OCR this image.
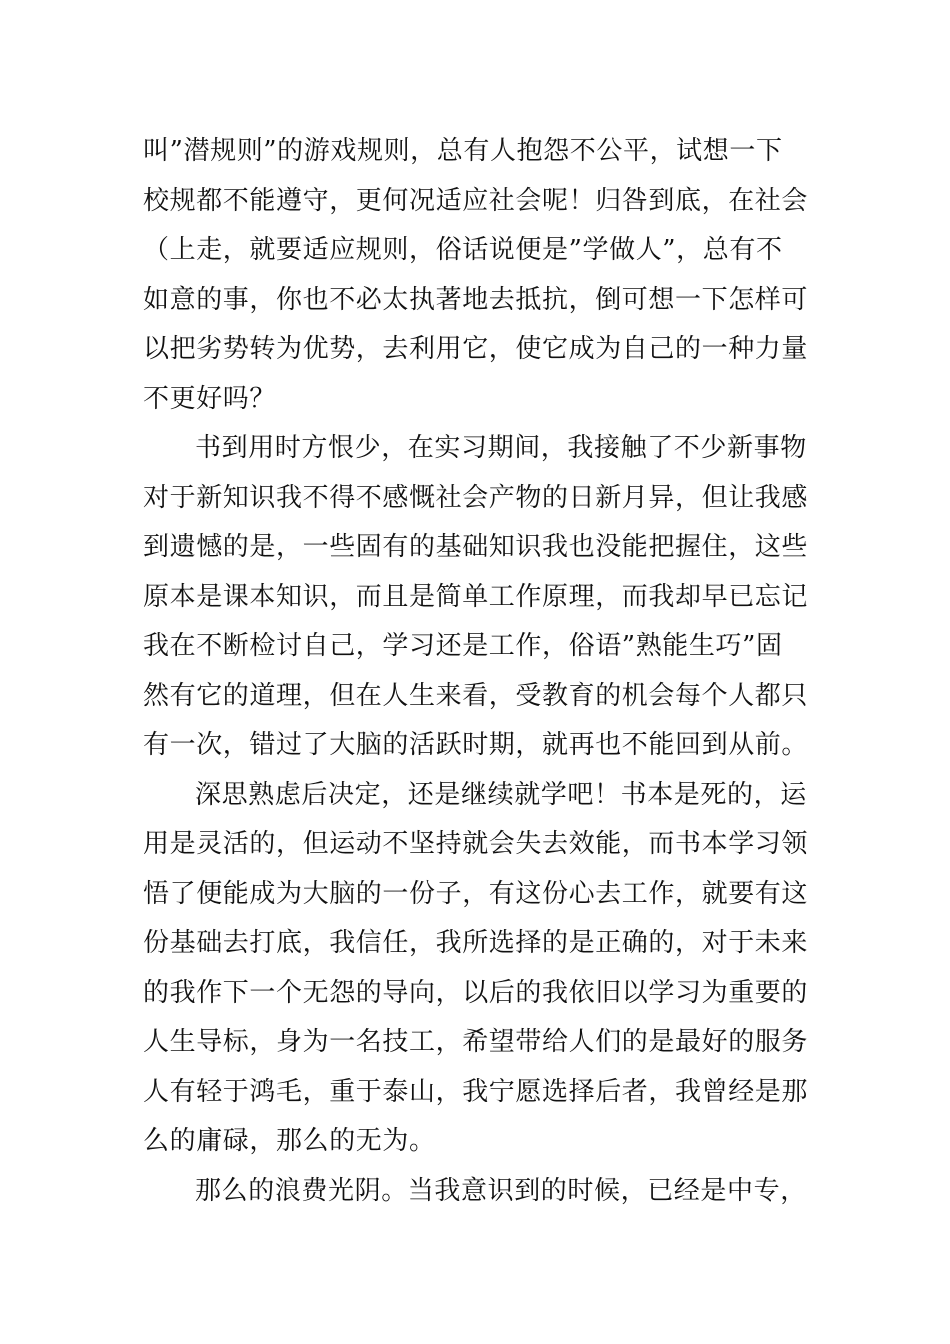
叫”潜规则”的游戏规则，总有人抱怨不公平，试想一下
校规都不能遵守，更何况适应社会呢！归咎到底，在社会
（上走，就要适应规则，俗话说便是”学做人”，总有不
如意的事，你也不必太执著地去抵抗，倒可想一下怎样可
以把劣势转为优势，去利用它，使它成为自己的一种力量
不更好吗？
书到用时方恨少，在实习期间，我接触了不少新事物
对于新知识我不得不感慨社会产物的日新月异，但让我感
到遗憾的是，一些固有的基础知识我也没能把握住，这些
原本是课本知识，而且是简单工作原理，而我却早已忘记
我在不断检讨自己，学习还是工作，俗语”熟能生巧”固
然有它的道理，但在人生来看，受教育的机会每个人都只
有一次，错过了大脑的活跃时期，就再也不能回到从前。
深思熟虑后决定，还是继续就学吧！书本是死的，运
用是灵活的，但运动不坚持就会失去效能，而书本学习领
悟了便能成为大脑的一份子，有这份心去工作，就要有这
份基础去打底，我信任，我所选择的是正确的，对于未来
的我作下一个无怨的导向，以后的我依旧以学习为重要的
人生导标，身为一名技工，希望带给人们的是最好的服务
人有轻于鸿毛，重于泰山，我宁愿选择后者，我曾经是那
么的庸碌，那么的无为。
那么的浪费光阴。当我意识到的时候，已经是中专，
